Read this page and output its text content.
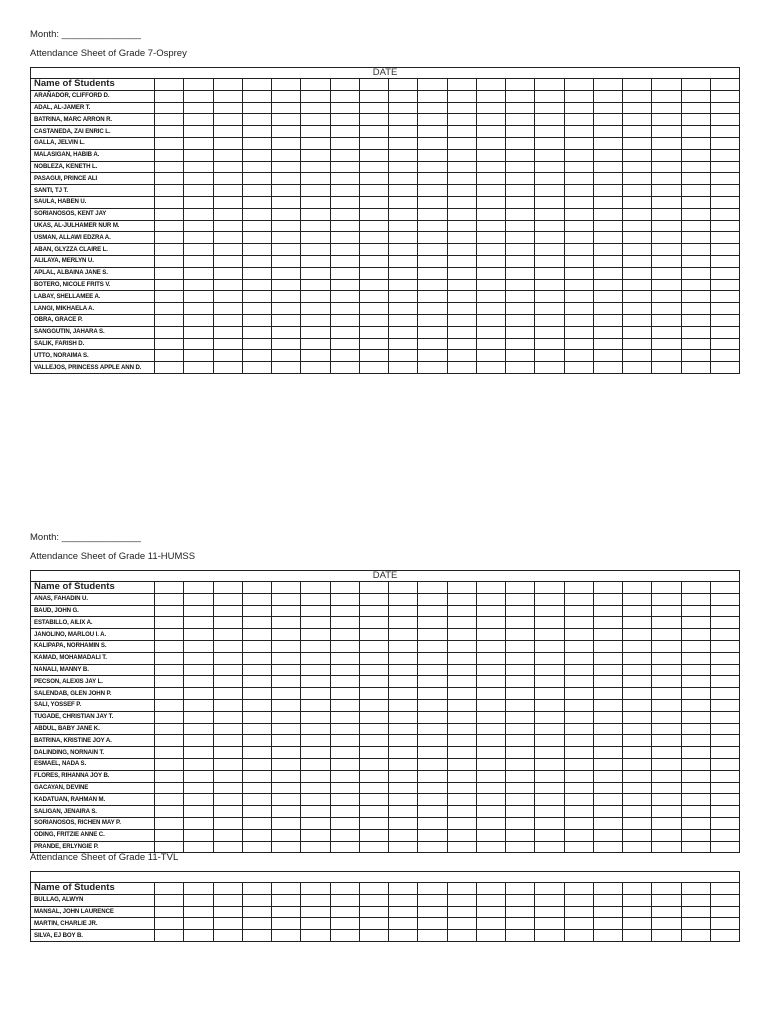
Month: _______________
Attendance Sheet of Grade 7-Osprey
DATE																				
Name of Students																				
ARAÑADOR, CLIFFORD D.																				
ADAL, AL-JAMER T.																				
BATRINA, MARC ARRON R.																				
CASTANEDA, ZAI ENRIC L.																				
GALLA, JELVIN L.																				
MALASIGAN, HABIB A.																				
NOBLEZA, KENETH L.																				
PASAGUI, PRINCE ALI																				
SANTI, TJ T.																				
SAULA, HABEN U.																				
SORIANOSOS, KENT JAY																				
UKAS, AL-JULHAMER NUR M.																				
USMAN, ALLAWI EDZRA A.																				
ABAN, GLYZZA CLAIRE L.																				
ALILAYA, MERLYN U.																				
APLAL, ALBAINA JANE S.																				
BOTERO, NICOLE FRITS V.																				
LABAY, SHELLAMEE A.																				
LANGI, MIKHAELA A.																				
OBRA, GRACE P.																				
SANGGUTIN, JAHARA S.																				
SALIK, FARISH D.																				
UTTO, NORAIMA S.																				
VALLEJOS, PRINCESS APPLE ANN D.																				
Month: _______________
Attendance Sheet of Grade 11-HUMSS
DATE																				
Name of Students																				
ANAS, FAHADIN U.																				
BAUD, JOHN G.																				
ESTABILLO, AILIX A.																				
JANOLINO, MARLOU I. A.																				
KALIPAPA, NORHAMIN S.																				
KAMAD, MOHAMADALI T.																				
NANALI, MANNY B.																				
PECSON, ALEXIS JAY L.																				
SALENDAB, GLEN JOHN P.																				
SALI, YOSSEF P.																				
TUGADE, CHRISTIAN JAY T.																				
ABDUL, BABY JANE K.																				
BATRINA, KRISTINE JOY A.																				
DALINDING, NORNAIN T.																				
ESMAEL, NADA S.																				
FLORES, RIHANNA JOY B.																				
GACAYAN, DEVINE																				
KADATUAN, RAHMAN M.																				
SALIGAN, JENAIRA S.																				
SORIANOSOS, RICHEN MAY P.																				
ODING, FRITZIE ANNE C.																				
PRANDE, ERLYNGIE P.																				
Attendance Sheet of Grade 11-TVL

Name of Students																				
BULLAG, ALWYN																				
MANSAL, JOHN LAURENCE																				
MARTIN, CHARLIE JR.																				
SILVA, EJ BOY B.																				
